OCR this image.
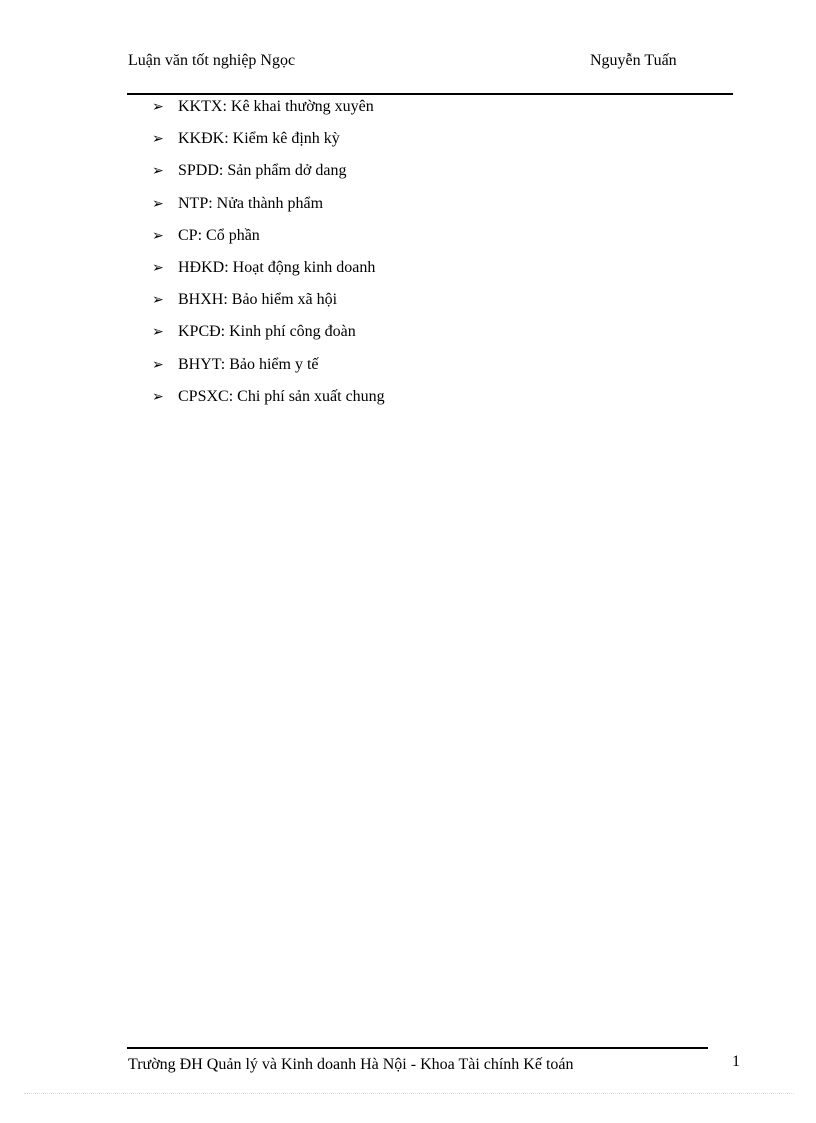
Luận văn tốt nghiệp Ngọc	Nguyễn Tuấn
➢ KKTX: Kê khai thường xuyên
➢ KKĐK: Kiểm kê định kỳ
➢ SPDD: Sản phẩm dở dang
➢ NTP: Nửa thành phẩm
➢ CP: Cổ phần
➢ HĐKD: Hoạt động kinh doanh
➢ BHXH: Bảo hiểm xã hội
➢ KPCĐ: Kinh phí công đoàn
➢ BHYT: Bảo hiểm y tế
➢ CPSXC: Chi phí sản xuất chung
Trường ĐH Quản lý và Kinh doanh Hà Nội - Khoa Tài chính Kế toán	1
